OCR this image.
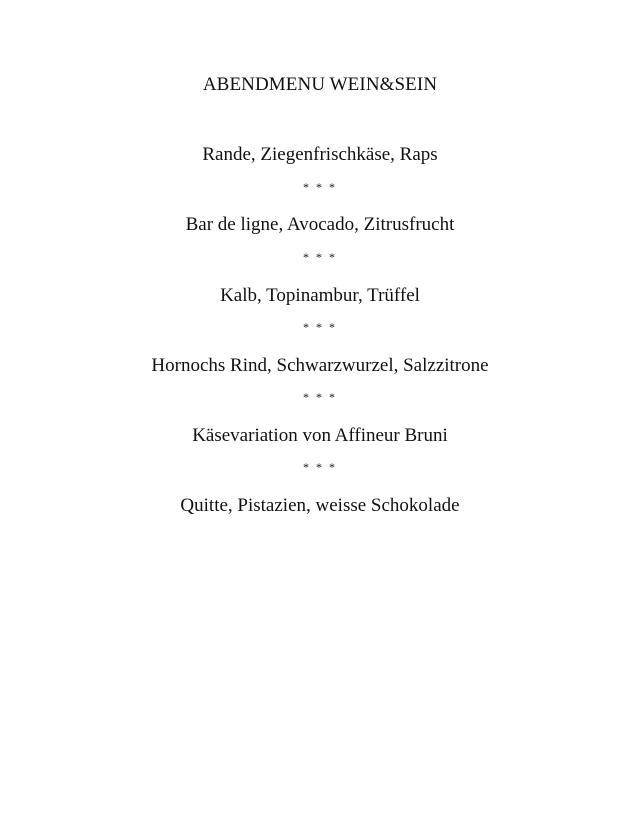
ABENDMENU WEIN&SEIN
Rande, Ziegenfrischkäse, Raps
* * *
Bar de ligne, Avocado, Zitrusfrucht
* * *
Kalb, Topinambur, Trüffel
* * *
Hornochs Rind, Schwarzwurzel, Salzzitrone
* * *
Käsevariation von Affineur Bruni
* * *
Quitte, Pistazien, weisse Schokolade
